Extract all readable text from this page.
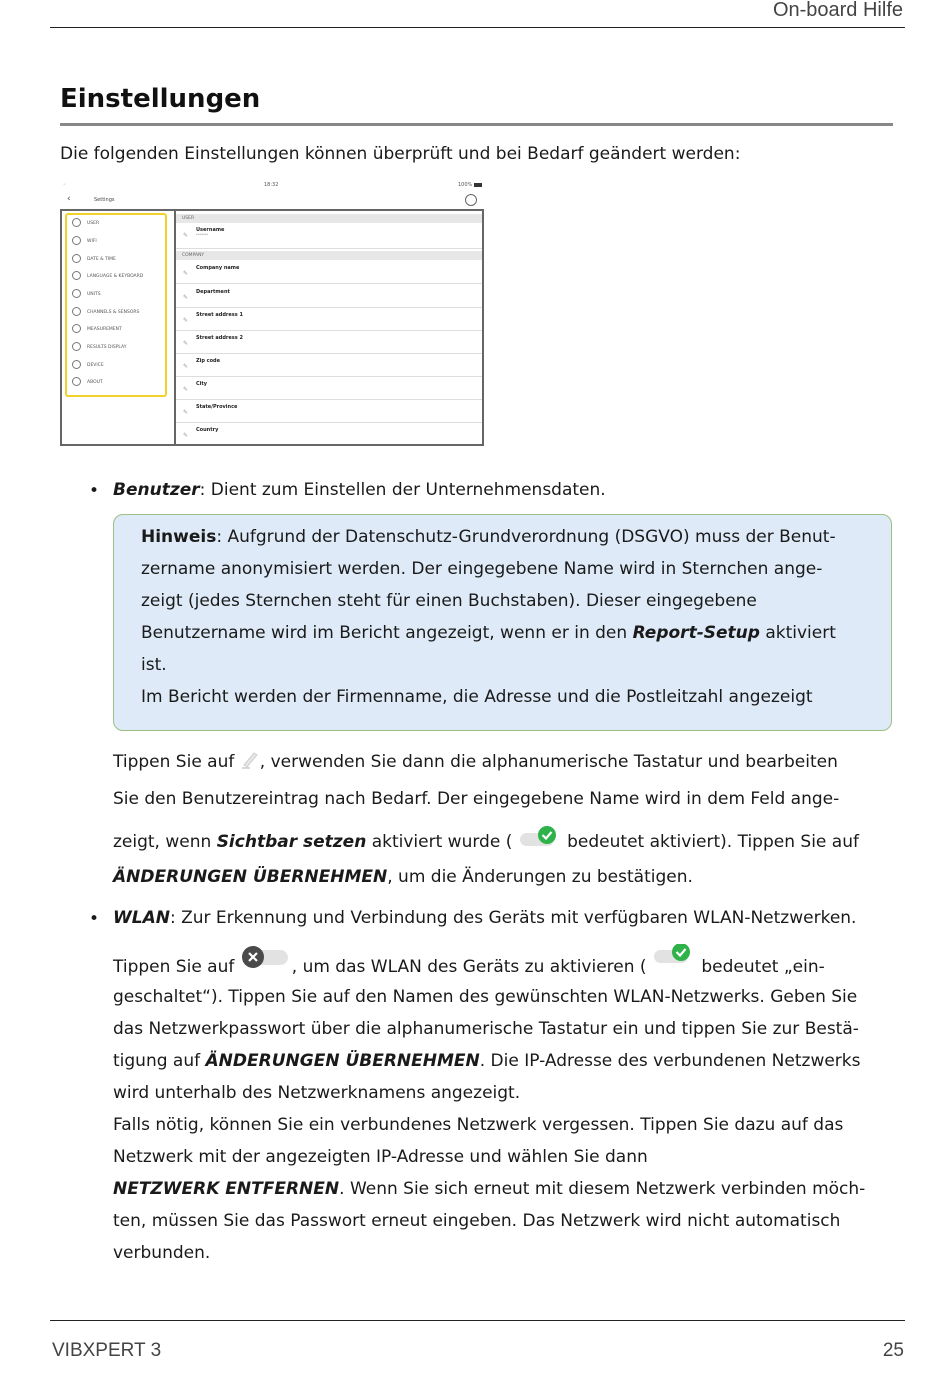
On-board Hilfe
Einstellungen
Die folgenden Einstellungen können überprüft und bei Bedarf geändert werden:
◦	18:32	100%
‹	Settings
USER
WIFI
DATE & TIME
LANGUAGE & KEYBOARD
UNITS
CHANNELS & SENSORS
MEASUREMENT
RESULTS DISPLAY
DEVICE
ABOUT
USER
✎
Username
*******
COMPANY
✎
Company name
✎
Department
✎
Street address 1
✎
Street address 2
✎
Zip code
✎
City
✎
State/Province
✎
Country
• Benutzer: Dient zum Einstellen der Unternehmensdaten.
Hinweis: Aufgrund der Datenschutz-Grundverordnung (DSGVO) muss der Benut-
zername anonymisiert werden. Der eingegebene Name wird in Sternchen ange-
zeigt (jedes Sternchen steht für einen Buchstaben). Dieser eingegebene
Benutzername wird im Bericht angezeigt, wenn er in den Report-Setup aktiviert
ist.
Im Bericht werden der Firmenname, die Adresse und die Postleitzahl angezeigt
Tippen Sie auf , verwenden Sie dann die alphanumerische Tastatur und bearbeiten
Sie den Benutzereintrag nach Bedarf. Der eingegebene Name wird in dem Feld ange-
zeigt, wenn Sichtbar setzen aktiviert wurde (	bedeutet aktiviert). Tippen Sie auf
ÄNDERUNGEN ÜBERNEHMEN, um die Änderungen zu bestätigen.
• WLAN: Zur Erkennung und Verbindung des Geräts mit verfügbaren WLAN-Netzwerken.
Tippen Sie auf	, um das WLAN des Geräts zu aktivieren (	bedeutet „ein-
geschaltet“). Tippen Sie auf den Namen des gewünschten WLAN-Netzwerks. Geben Sie
das Netzwerkpasswort über die alphanumerische Tastatur ein und tippen Sie zur Bestä-
tigung auf ÄNDERUNGEN ÜBERNEHMEN. Die IP-Adresse des verbundenen Netzwerks
wird unterhalb des Netzwerknamens angezeigt.
Falls nötig, können Sie ein verbundenes Netzwerk vergessen. Tippen Sie dazu auf das
Netzwerk mit der angezeigten IP-Adresse und wählen Sie dann
NETZWERK ENTFERNEN. Wenn Sie sich erneut mit diesem Netzwerk verbinden möch-
ten, müssen Sie das Passwort erneut eingeben. Das Netzwerk wird nicht automatisch
verbunden.
VIBXPERT 3	25
